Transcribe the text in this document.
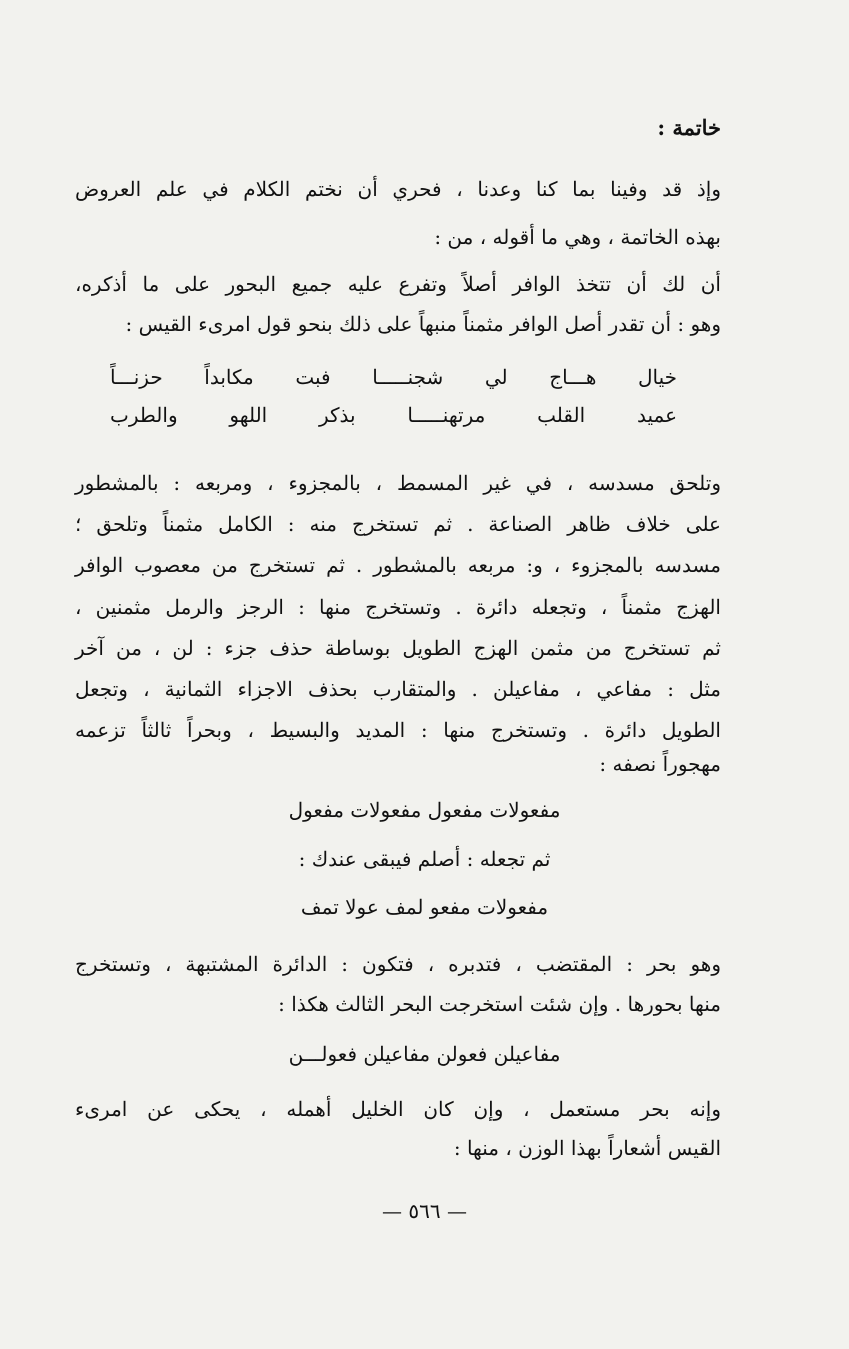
خاتمة :
وإذ قد وفينا بما كنا وعدنا ، فحري أن نختم الكلام في علم العروض
بهذه الخاتمة ، وهي ما أقوله ، من :
أن لك أن تتخذ الوافر أصلاً وتفرع عليه جميع البحور على ما أذكره،
وهو : أن تقدر أصل الوافر مثمناً منبهاً على ذلك بنحو قول امرىء القيس :
خيال
هـــاج
لي
شجنـــــا
فبت
مكابداً
حزنـــاً
عميد
القلب
مرتهنـــــا
بذكر
اللهو
والطرب
وتلحق مسدسه ، في غير المسمط ، بالمجزوء ، ومربعه : بالمشطور
على خلاف ظاهر الصناعة . ثم تستخرج منه : الكامل مثمناً وتلحق ؛
مسدسه بالمجزوء ، و: مربعه بالمشطور . ثم تستخرج من معصوب الوافر
الهزج مثمناً ، وتجعله دائرة . وتستخرج منها : الرجز والرمل مثمنين ،
ثم تستخرج من مثمن الهزج الطويل بوساطة حذف جزء : لن ، من آخر
مثل : مفاعي ، مفاعيلن . والمتقارب بحذف الاجزاء الثمانية ، وتجعل
الطويل دائرة . وتستخرج منها : المديد والبسيط ، وبحراً ثالثاً تزعمه
مهجوراً نصفه :
مفعولات مفعول مفعولات مفعول
ثم تجعله : أصلم فيبقى عندك :
مفعولات مفعو لمف عولا تمف
وهو بحر : المقتضب ، فتدبره ، فتكون : الدائرة المشتبهة ، وتستخرج
منها بحورها . وإن شئت استخرجت البحر الثالث هكذا :
مفاعيلن فعولن مفاعيلن فعولـــن
وإنه بحر مستعمل ، وإن كان الخليل أهمله ، يحكى عن امرىء
القيس أشعاراً بهذا الوزن ، منها :
— ٥٦٦ —
